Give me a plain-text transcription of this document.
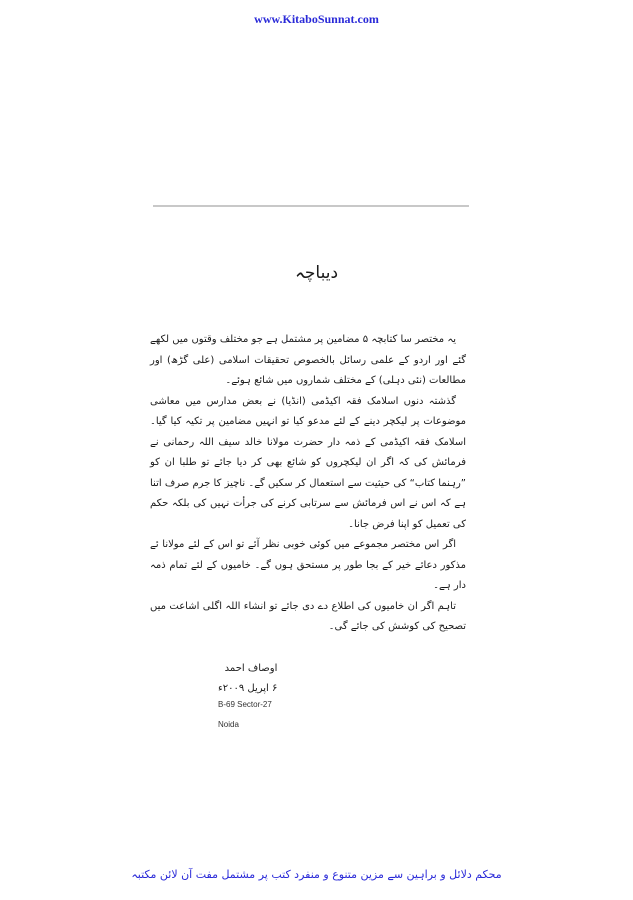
www.KitaboSunnat.com
دیباچہ

یہ مختصر سا کتابچہ ۵ مضامین پر مشتمل ہے جو مختلف وقتوں میں لکھے گئے اور اردو کے علمی رسائل بالخصوص تحقیقات اسلامی (علی گڑھ) اور مطالعات (نئی دہلی) کے مختلف شماروں میں شائع ہوئے۔

گذشتہ دنوں اسلامک فقہ اکیڈمی (انڈیا) نے بعض مدارس میں معاشی موضوعات پر لیکچر دینے کے لئے مدعو کیا تو انہیں مضامین پر تکیہ کیا گیا۔ اسلامک فقہ اکیڈمی کے ذمہ دار حضرت مولانا خالد سیف اللہ رحمانی نے فرمائش کی کہ اگر ان لیکچروں کو شائع بھی کر دیا جائے تو طلبا ان کو ”رہنما کتاب“ کی حیثیت سے استعمال کر سکیں گے۔ ناچیز کا جرم صرف اتنا ہے کہ اس نے اس فرمائش سے سرتابی کرنے کی جرأت نہیں کی بلکہ حکم کی تعمیل کو اپنا فرض جانا۔

اگر اس مختصر مجموعے میں کوئی خوبی نظر آئے تو اس کے لئے مولانا ئے مذکور دعائے خیر کے بجا طور پر مستحق ہوں گے۔ خامیوں کے لئے تمام ذمہ دار ہے۔

تاہم اگر ان خامیوں کی اطلاع دے دی جائے تو انشاء اللہ اگلی اشاعت میں تصحیح کی کوشش کی جائے گی۔

اوصاف احمد
۶ اپریل ۲۰۰۹ء
B-69 Sector-27
Noida
محکم دلائل و براہین سے مزین متنوع و منفرد کتب پر مشتمل مفت آن لائن مکتبہ
